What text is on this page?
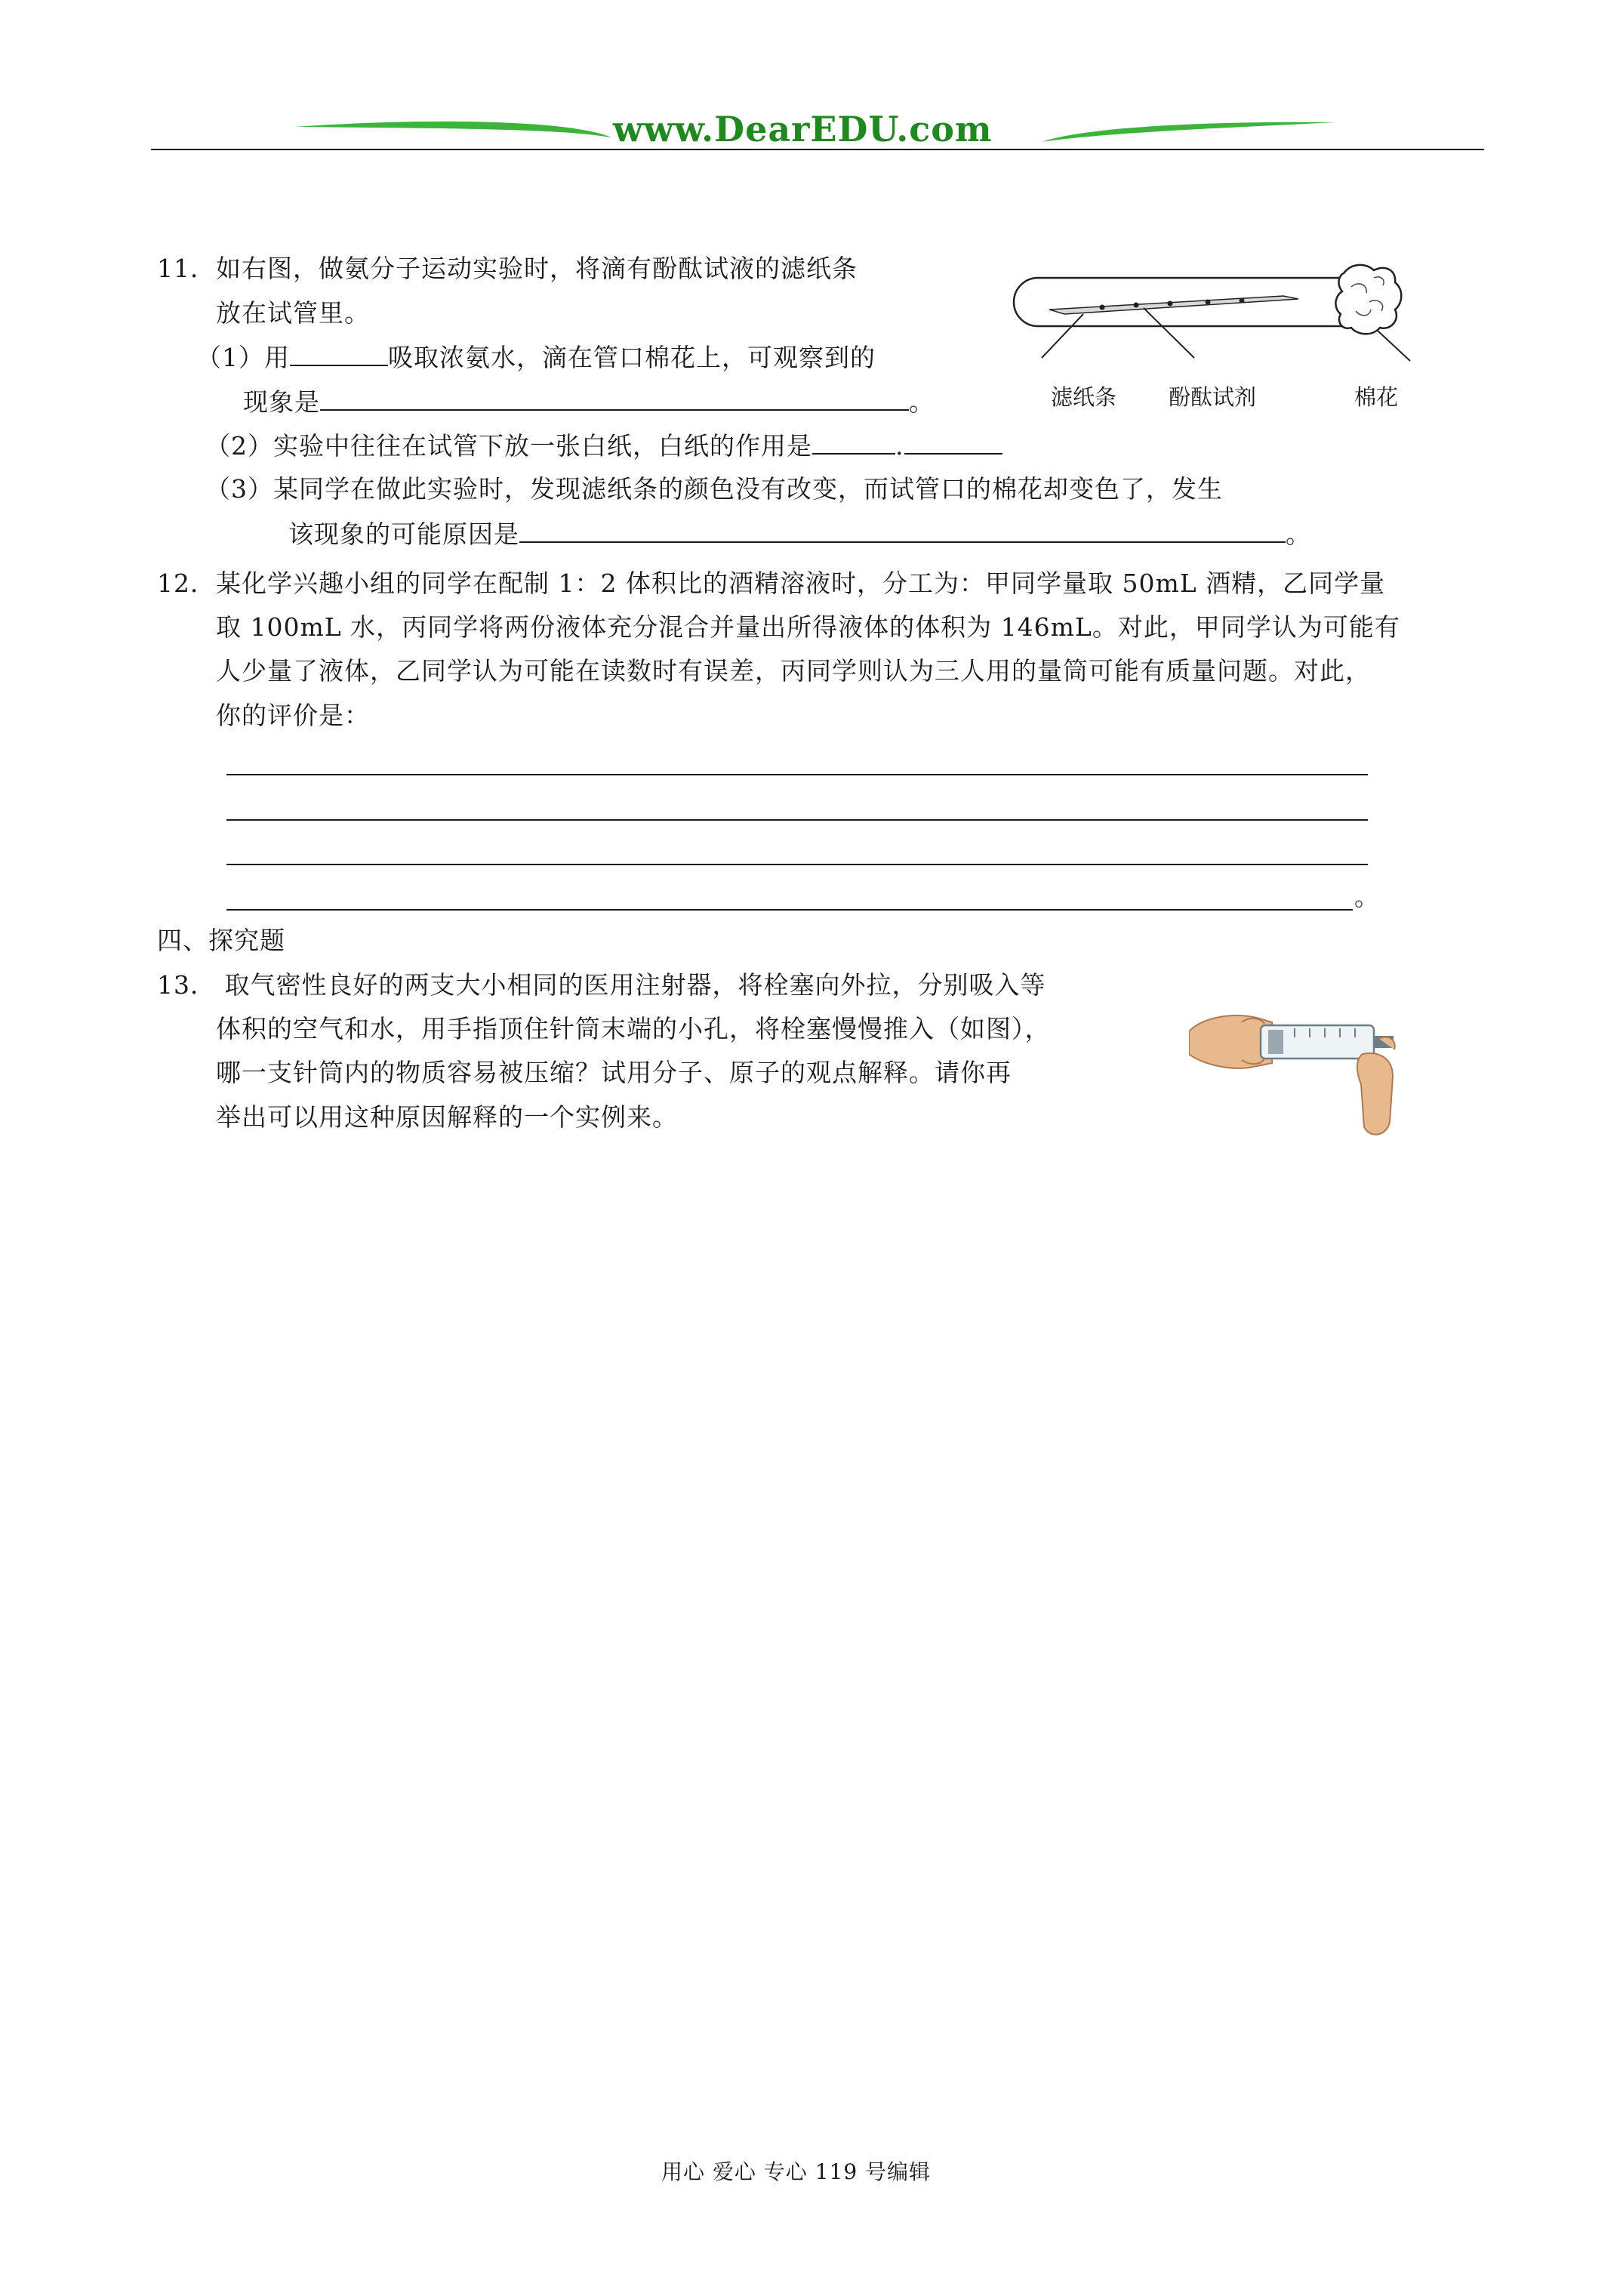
www.DearEDU.com
11．如右图，做氨分子运动实验时，将滴有酚酞试液的滤纸条
放在试管里。
（1）用	吸取浓氨水，滴在管口棉花上，可观察到的
现象是	。
（2）实验中往往在试管下放一张白纸，白纸的作用是	.
（3）某同学在做此实验时，发现滤纸条的颜色没有改变，而试管口的棉花却变色了，发生
该现象的可能原因是	。
滤纸条 酚酞试剂	棉花
12．某化学兴趣小组的同学在配制 1：2 体积比的酒精溶液时，分工为：甲同学量取 50mL 酒精，乙同学量
取 100mL 水，丙同学将两份液体充分混合并量出所得液体的体积为 146mL。对此，甲同学认为可能有
人少量了液体，乙同学认为可能在读数时有误差，丙同学则认为三人用的量筒可能有质量问题。对此，
你的评价是：
。
四、探究题
13． 取气密性良好的两支大小相同的医用注射器，将栓塞向外拉，分别吸入等
体积的空气和水，用手指顶住针筒末端的小孔，将栓塞慢慢推入（如图），
哪一支针筒内的物质容易被压缩？试用分子、原子的观点解释。请你再
举出可以用这种原因解释的一个实例来。
用心 爱心 专心 119 号编辑
